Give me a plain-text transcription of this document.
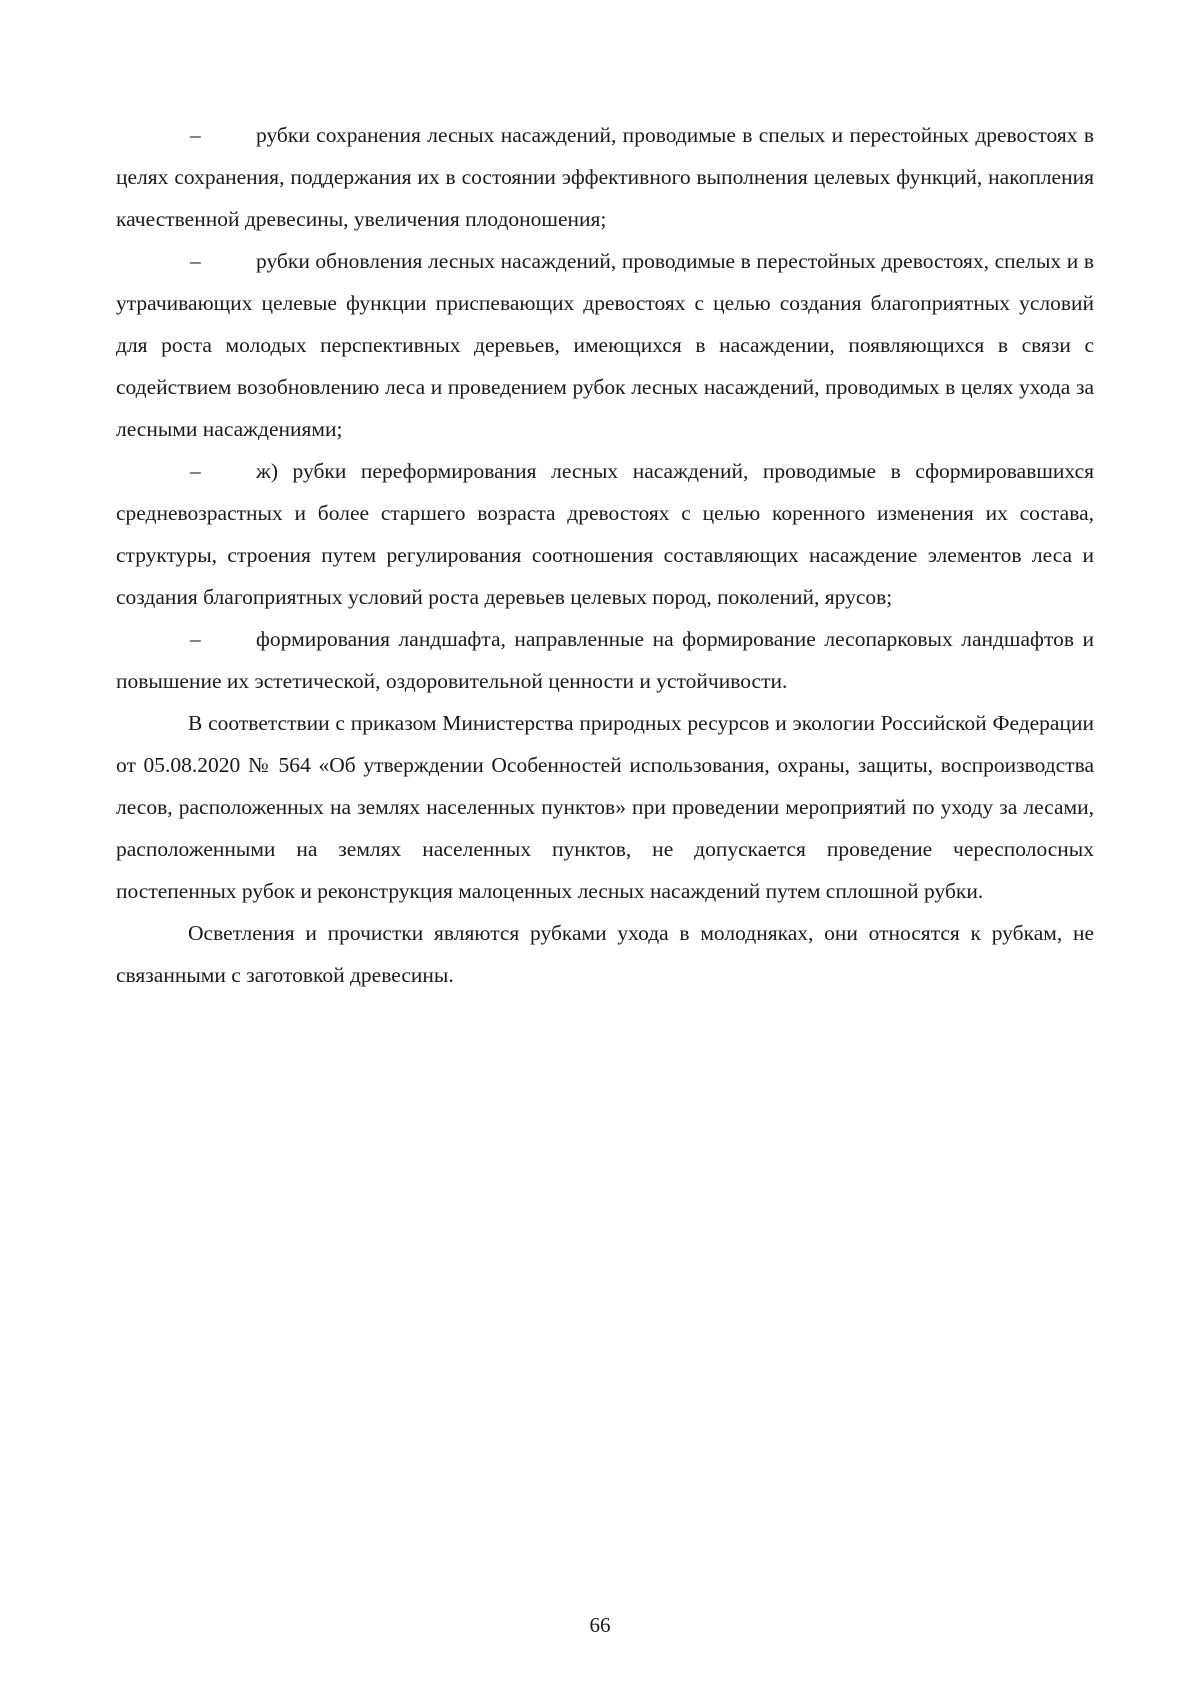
–	рубки сохранения лесных насаждений, проводимые в спелых и перестойных древостоях в целях сохранения, поддержания их в состоянии эффективного выполнения целевых функций, накопления качественной древесины, увеличения плодоношения;

–	рубки обновления лесных насаждений, проводимые в перестойных древостоях, спелых и в утрачивающих целевые функции приспевающих древостоях с целью создания благоприятных условий для роста молодых перспективных деревьев, имеющихся в насаждении, появляющихся в связи с содействием возобновлению леса и проведением рубок лесных насаждений, проводимых в целях ухода за лесными насаждениями;

–	ж) рубки переформирования лесных насаждений, проводимые в сформировавшихся средневозрастных и более старшего возраста древостоях с целью коренного изменения их состава, структуры, строения путем регулирования соотношения составляющих насаждение элементов леса и создания благоприятных условий роста деревьев целевых пород, поколений, ярусов;

–	формирования ландшафта, направленные на формирование лесопарковых ландшафтов и повышение их эстетической, оздоровительной ценности и устойчивости.

В соответствии с приказом Министерства природных ресурсов и экологии Российской Федерации от 05.08.2020 № 564 «Об утверждении Особенностей использования, охраны, защиты, воспроизводства лесов, расположенных на землях населенных пунктов» при проведении мероприятий по уходу за лесами, расположенными на землях населенных пунктов, не допускается проведение чересполосных постепенных рубок и реконструкция малоценных лесных насаждений путем сплошной рубки.

Осветления и прочистки являются рубками ухода в молодняках, они относятся к рубкам, не связанными с заготовкой древесины.

66
